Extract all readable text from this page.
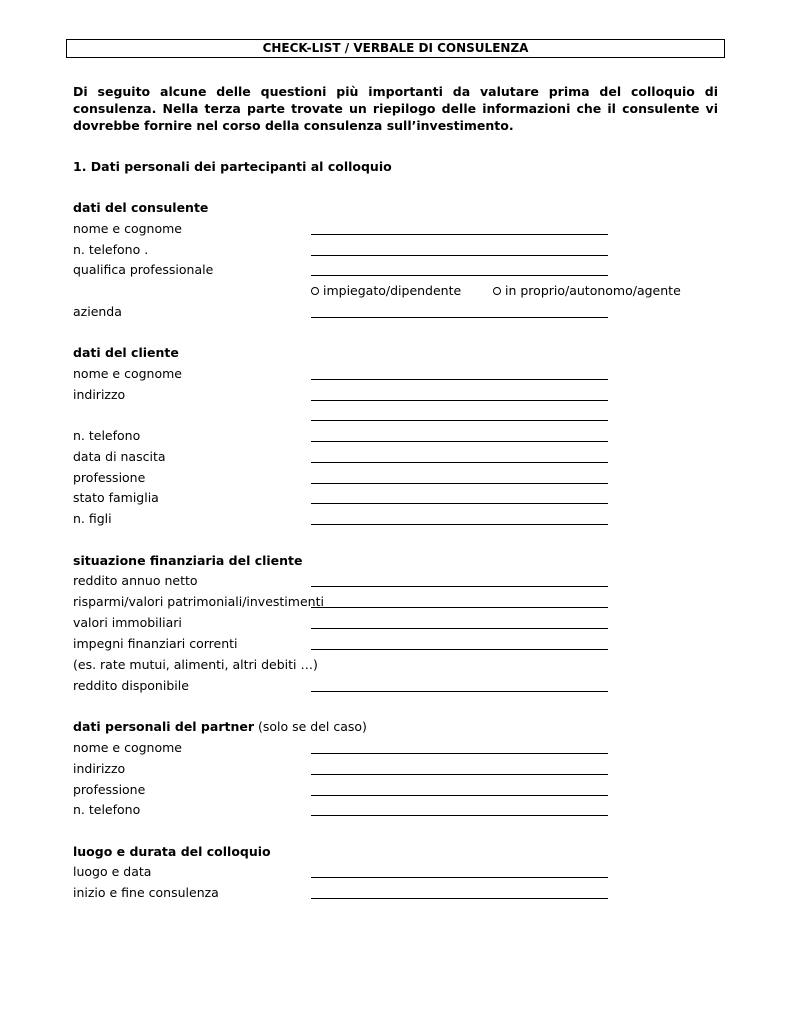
CHECK-LIST / VERBALE DI CONSULENZA

Di seguito alcune delle questioni più importanti da valutare prima del colloquio di consulenza. Nella terza parte trovate un riepilogo delle informazioni che il consulente vi dovrebbe fornire nel corso della consulenza sull’investimento.

1. Dati personali dei partecipanti al colloquio
dati del consulente
nome e cognome
n. telefono .
qualifica professionale
impiegato/dipendente	in proprio/autonomo/agente
azienda
dati del cliente
nome e cognome
indirizzo
n. telefono
data di nascita
professione
stato famiglia
n. figli
situazione finanziaria del cliente
reddito annuo netto
risparmi/valori patrimoniali/investimenti
valori immobiliari
impegni finanziari correnti
(es. rate mutui, alimenti, altri debiti …)
reddito disponibile
dati personali del partner (solo se del caso)
nome e cognome
indirizzo
professione
n. telefono
luogo e durata del colloquio
luogo e data
inizio e fine consulenza
